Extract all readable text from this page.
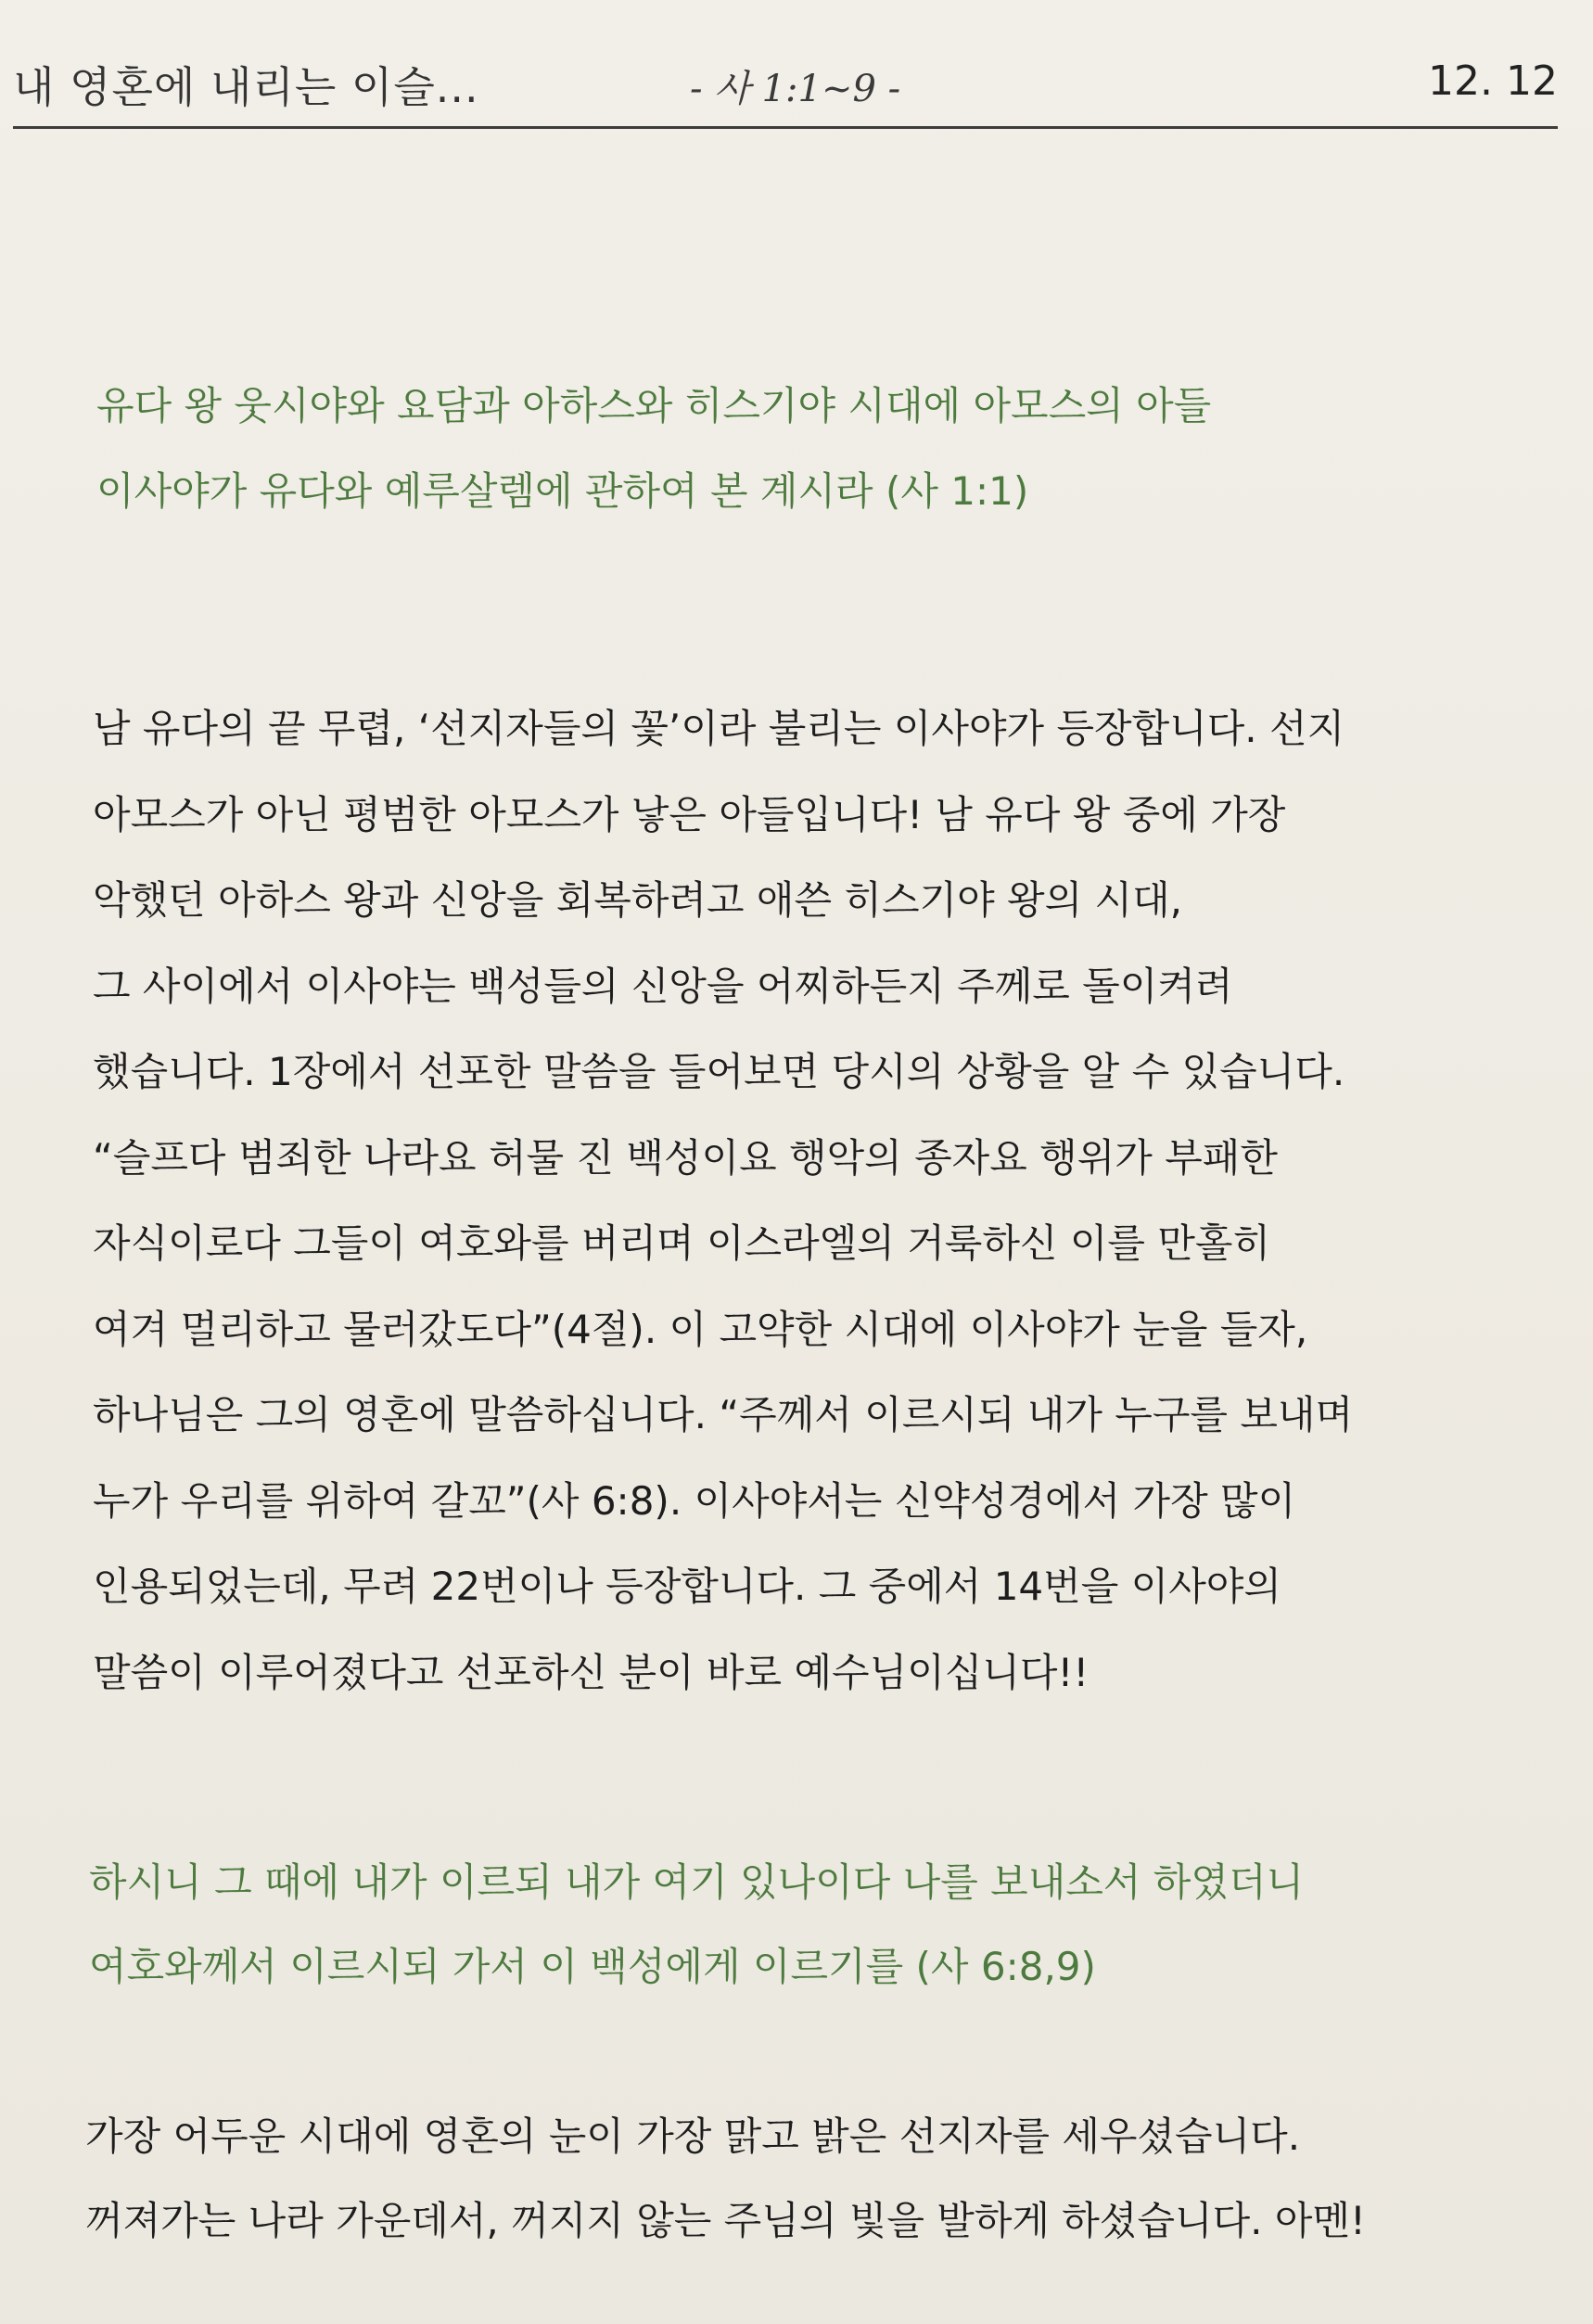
내 영혼에 내리는 이슬...	- 사 1:1~9 -	12. 12
유다 왕 웃시야와 요담과 아하스와 히스기야 시대에 아모스의 아들
이사야가 유다와 예루살렘에 관하여 본 계시라 (사 1:1)
남 유다의 끝 무렵, ‘선지자들의 꽃’이라 불리는 이사야가 등장합니다. 선지
아모스가 아닌 평범한 아모스가 낳은 아들입니다! 남 유다 왕 중에 가장
악했던 아하스 왕과 신앙을 회복하려고 애쓴 히스기야 왕의 시대,
그 사이에서 이사야는 백성들의 신앙을 어찌하든지 주께로 돌이켜려
했습니다. 1장에서 선포한 말씀을 들어보면 당시의 상황을 알 수 있습니다.
“슬프다 범죄한 나라요 허물 진 백성이요 행악의 종자요 행위가 부패한
자식이로다 그들이 여호와를 버리며 이스라엘의 거룩하신 이를 만홀히
여겨 멀리하고 물러갔도다”(4절). 이 고약한 시대에 이사야가 눈을 들자,
하나님은 그의 영혼에 말씀하십니다. “주께서 이르시되 내가 누구를 보내며
누가 우리를 위하여 갈꼬”(사 6:8). 이사야서는 신약성경에서 가장 많이
인용되었는데, 무려 22번이나 등장합니다. 그 중에서 14번을 이사야의
말씀이 이루어졌다고 선포하신 분이 바로 예수님이십니다!!
하시니 그 때에 내가 이르되 내가 여기 있나이다 나를 보내소서 하였더니
여호와께서 이르시되 가서 이 백성에게 이르기를 (사 6:8,9)
가장 어두운 시대에 영혼의 눈이 가장 맑고 밝은 선지자를 세우셨습니다.
꺼져가는 나라 가운데서, 꺼지지 않는 주님의 빛을 발하게 하셨습니다. 아멘!
